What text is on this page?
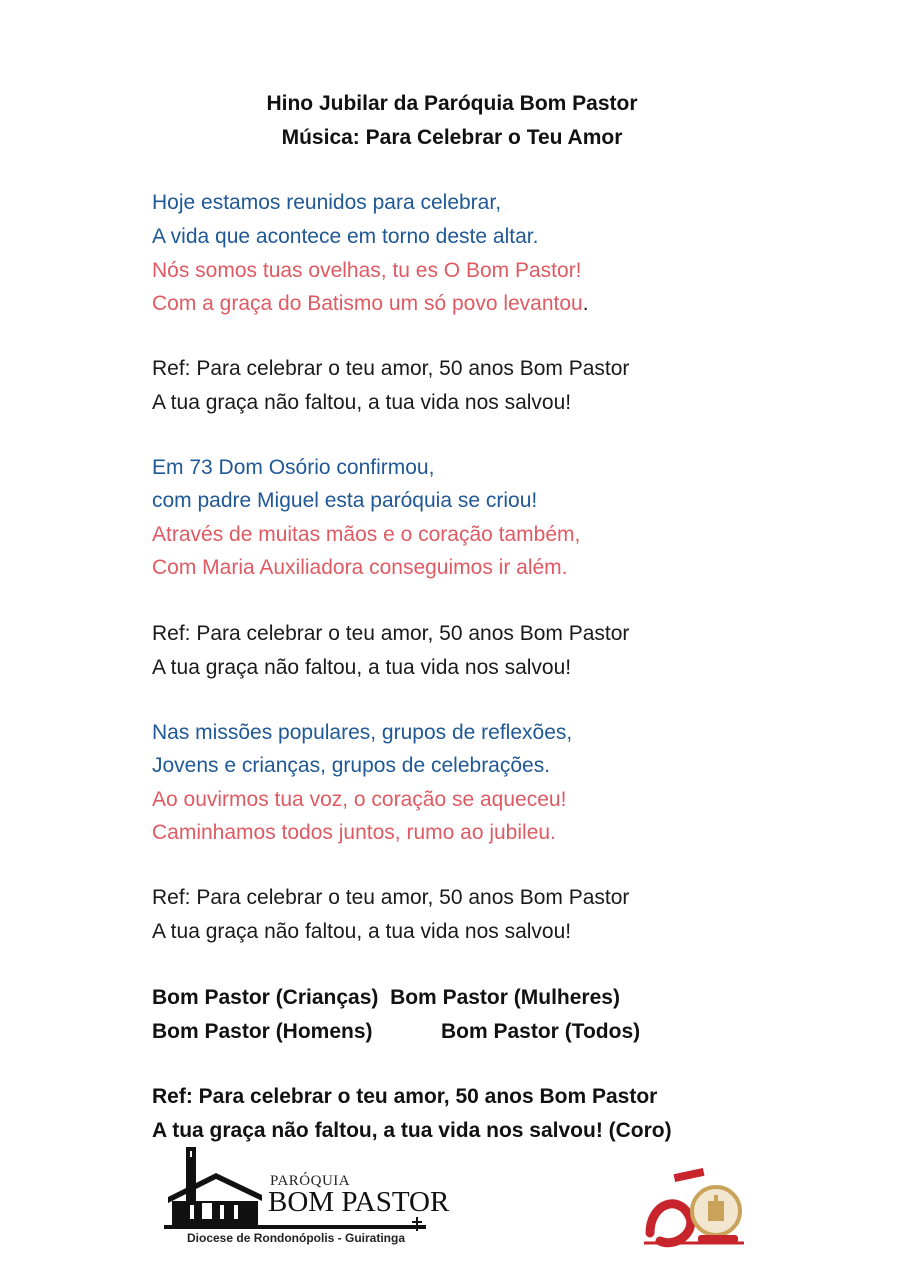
Hino Jubilar da Paróquia Bom Pastor
Música: Para Celebrar o Teu Amor
Hoje estamos reunidos para celebrar,
A vida que acontece em torno deste altar.
Nós somos tuas ovelhas, tu es O Bom Pastor!
Com a graça do Batismo um só povo levantou.
Ref: Para celebrar o teu amor, 50 anos Bom Pastor
A tua graça não faltou, a tua vida nos salvou!
Em 73 Dom Osório confirmou,
com padre Miguel esta paróquia se criou!
Através de muitas mãos e o coração também,
Com Maria Auxiliadora conseguimos ir além.
Ref: Para celebrar o teu amor, 50 anos Bom Pastor
A tua graça não faltou, a tua vida nos salvou!
Nas missões populares, grupos de reflexões,
Jovens e crianças, grupos de celebrações.
Ao ouvirmos tua voz, o coração se aqueceu!
Caminhamos todos juntos, rumo ao jubileu.
Ref: Para celebrar o teu amor, 50 anos Bom Pastor
A tua graça não faltou, a tua vida nos salvou!
Bom Pastor (Crianças)  Bom Pastor (Mulheres)
Bom Pastor (Homens)	Bom Pastor (Todos)
Ref: Para celebrar o teu amor, 50 anos Bom Pastor
A tua graça não faltou, a tua vida nos salvou! (Coro)
PARÓQUIA
BOM PASTOR
Diocese de Rondonópolis - Guiratinga
